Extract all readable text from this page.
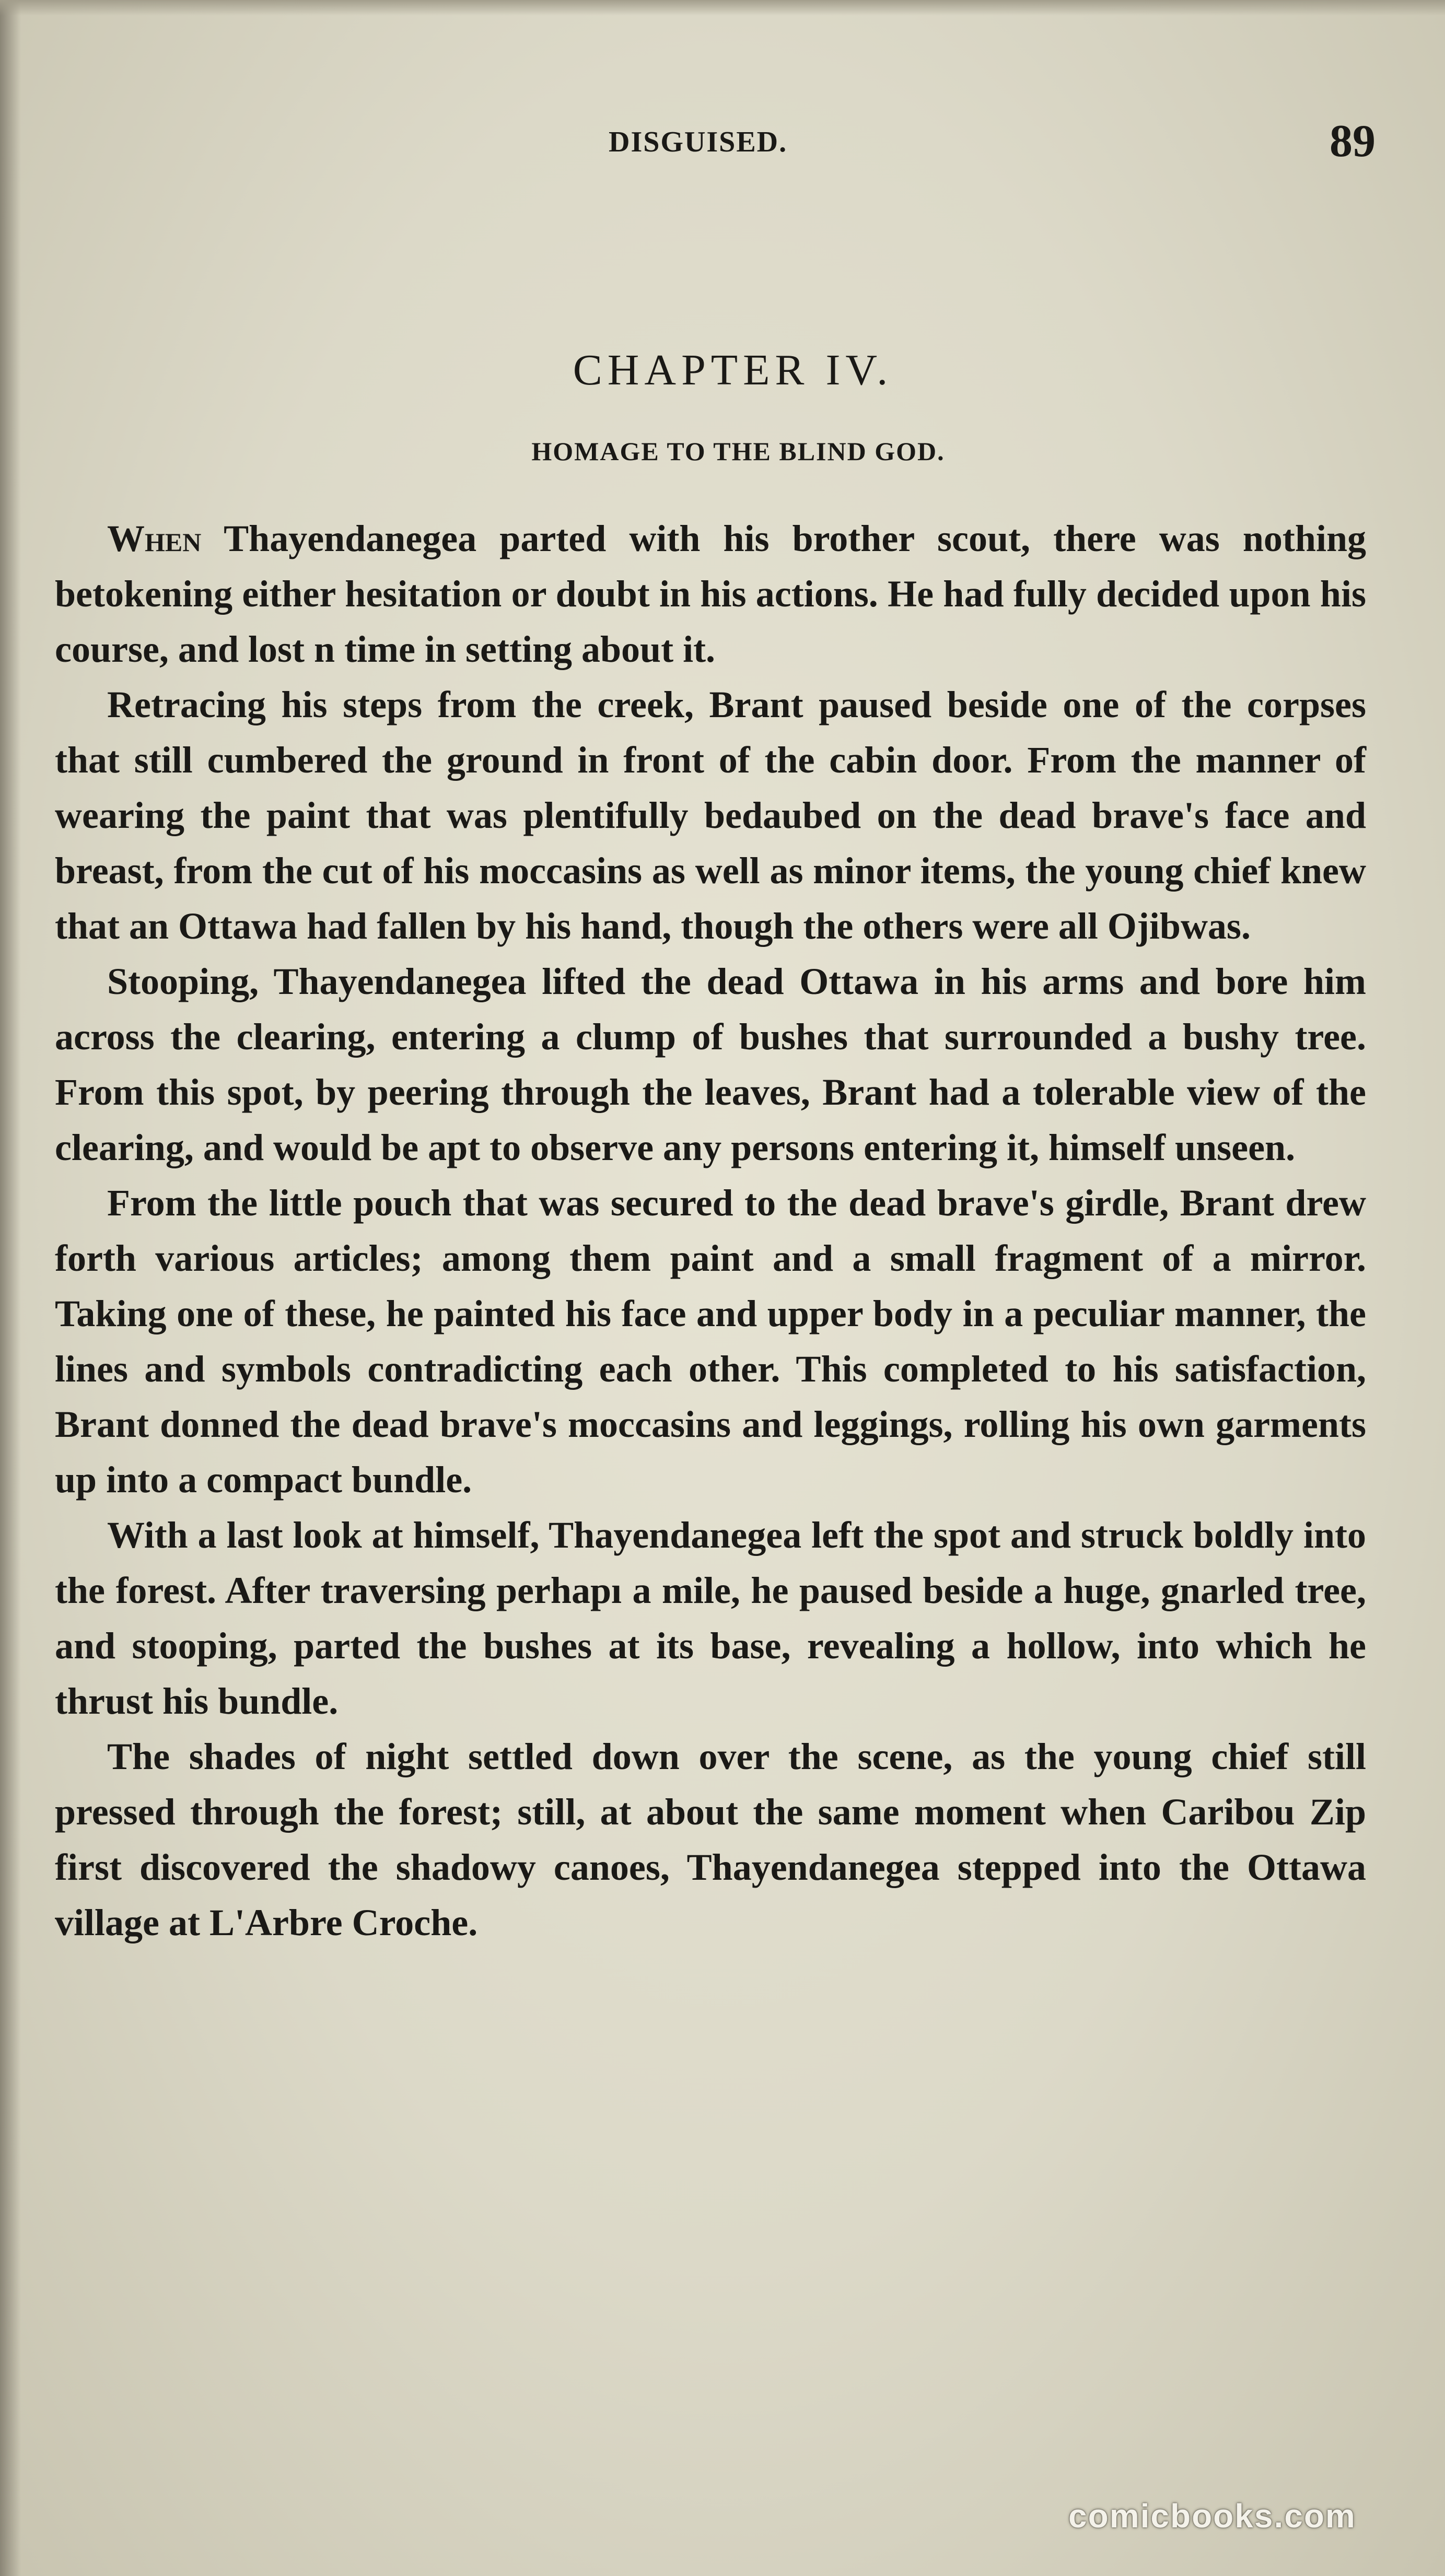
DISGUISED.	89
CHAPTER IV.
HOMAGE TO THE BLIND GOD.

When Thayendanegea parted with his brother scout, there was nothing betokening either hesitation or doubt in his actions. He had fully decided upon his course, and lost n time in setting about it.

Retracing his steps from the creek, Brant paused beside one of the corpses that still cumbered the ground in front of the cabin door. From the manner of wearing the paint that was plentifully bedaubed on the dead brave's face and breast, from the cut of his moccasins as well as minor items, the young chief knew that an Ottawa had fallen by his hand, though the others were all Ojibwas.

Stooping, Thayendanegea lifted the dead Ottawa in his arms and bore him across the clearing, entering a clump of bushes that surrounded a bushy tree. From this spot, by peering through the leaves, Brant had a tolerable view of the clearing, and would be apt to observe any persons entering it, himself unseen.

From the little pouch that was secured to the dead brave's girdle, Brant drew forth various articles; among them paint and a small fragment of a mirror. Taking one of these, he painted his face and upper body in a peculiar manner, the lines and symbols contradicting each other. This completed to his satisfaction, Brant donned the dead brave's moccasins and leggings, rolling his own garments up into a compact bundle.

With a last look at himself, Thayendanegea left the spot and struck boldly into the forest. After traversing perhapı a mile, he paused beside a huge, gnarled tree, and stooping, parted the bushes at its base, revealing a hollow, into which he thrust his bundle.

The shades of night settled down over the scene, as the young chief still pressed through the forest; still, at about the same moment when Caribou Zip first discovered the shadowy canoes, Thayendanegea stepped into the Ottawa village at L'Arbre Croche.

comicbooks.com
